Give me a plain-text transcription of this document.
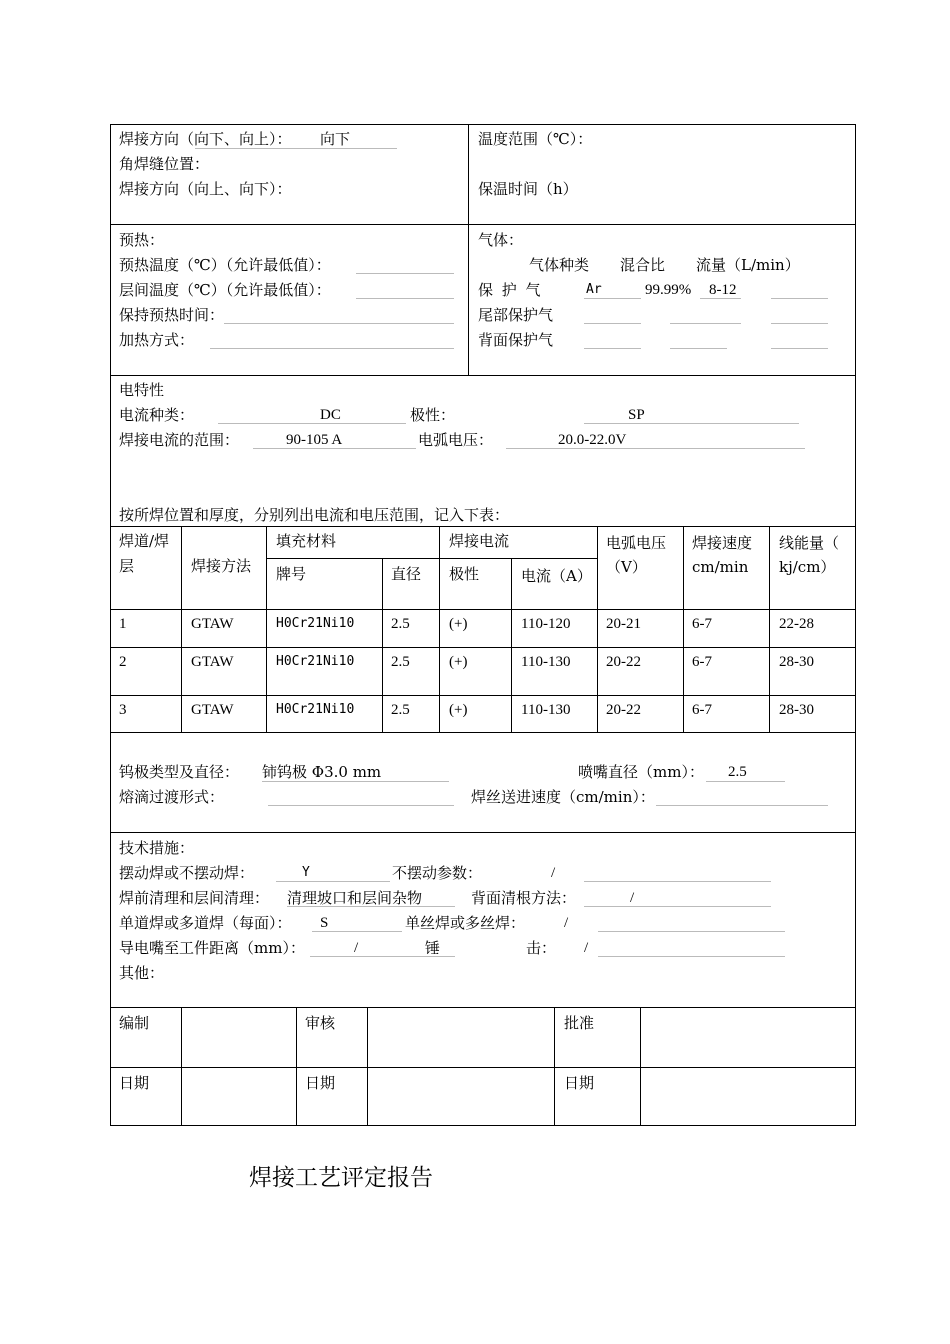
焊接方向（向下、向上）： 向下
角焊缝位置：
焊接方向（向上、向下）：
温度范围（℃）：
保温时间（h）
预热：
预热温度（℃）（允许最低值）：
层间温度（℃）（允许最低值）：
保持预热时间：
加热方式：
气体：
气体种类 混合比 流量（L/min）
保 护 气	Ar	99.99% 8-12
尾部保护气
背面保护气
电特性
电流种类：	DC	极性：	SP
焊接电流的范围：	90-105 A	电弧电压：	20.0-22.0V
按所焊位置和厚度，分别列出电流和电压范围，记入下表：
焊道/焊层	焊接方法
填充材料
牌号	直径
焊接电流
极性	电流（A）
电弧电压（V）
焊接速度cm/min
线能量（ kj/cm）
1	GTAW	H0Cr21Ni10 2.5	(+)	110-120 20-21	6-7	22-28
2	GTAW	H0Cr21Ni10 2.5	(+)	110-130 20-22	6-7	28-30
3	GTAW	H0Cr21Ni10 2.5	(+)	110-130 20-22	6-7	28-30
钨极类型及直径： 铈钨极 Φ3.0 mm	喷嘴直径（mm）： 2.5
熔滴过渡形式：	焊丝送进速度（cm/min）：
技术措施：
摆动焊或不摆动焊：	Y	不摆动参数：	/
焊前清理和层间清理： 清理坡口和层间杂物	背面清根方法：	/
单道焊或多道焊（每面）： S	单丝焊或多丝焊：	/
导电嘴至工件距离（mm）：	/	锤	击： /
其他：
编制	审核	批准
日期	日期	日期
焊接工艺评定报告
